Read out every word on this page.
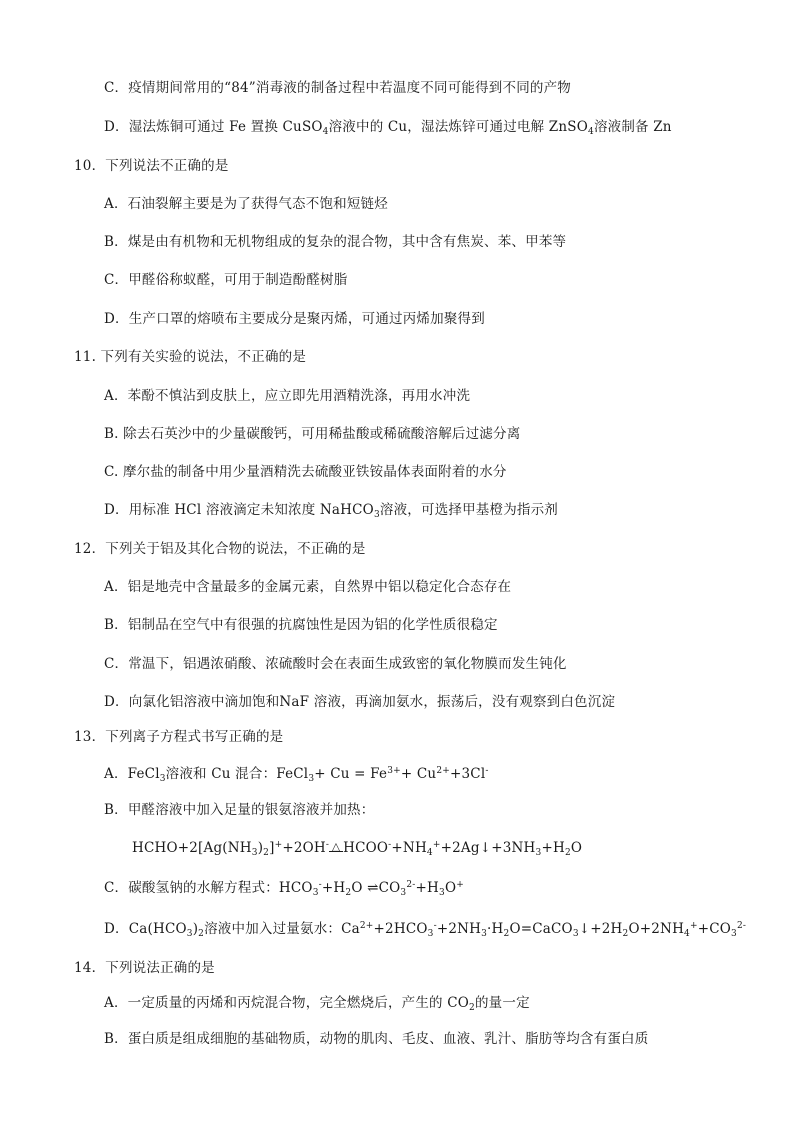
C．疫情期间常用的“84”消毒液的制备过程中若温度不同可能得到不同的产物
D．湿法炼铜可通过 Fe 置换 CuSO$_4$溶液中的 Cu，湿法炼锌可通过电解 ZnSO$_4$溶液制备 Zn
10．下列说法不正确的是
A．石油裂解主要是为了获得气态不饱和短链烃
B．煤是由有机物和无机物组成的复杂的混合物，其中含有焦炭、苯、甲苯等
C．甲醛俗称蚁醛，可用于制造酚醛树脂
D．生产口罩的熔喷布主要成分是聚丙烯，可通过丙烯加聚得到
11. 下列有关实验的说法，不正确的是
A．苯酚不慎沾到皮肤上，应立即先用酒精洗涤，再用水冲洗
B. 除去石英沙中的少量碳酸钙，可用稀盐酸或稀硫酸溶解后过滤分离
C. 摩尔盐的制备中用少量酒精洗去硫酸亚铁铵晶体表面附着的水分
D．用标准 HCl 溶液滴定未知浓度 NaHCO$_3$溶液，可选择甲基橙为指示剂
12．下列关于铝及其化合物的说法，不正确的是
A．铝是地壳中含量最多的金属元素，自然界中铝以稳定化合态存在
B．铝制品在空气中有很强的抗腐蚀性是因为铝的化学性质很稳定
C．常温下，铝遇浓硝酸、浓硫酸时会在表面生成致密的氧化物膜而发生钝化
D．向氯化铝溶液中滴加饱和NaF 溶液，再滴加氨水，振荡后，没有观察到白色沉淀
13．下列离子方程式书写正确的是
A．FeCl$_3$溶液和 Cu 混合：FeCl$_3$+ $Cu = Fe^{3+}+ Cu^{2+}+3Cl^-$
B．甲醛溶液中加入足量的银氨溶液并加热：
$HCHO+2[Ag(NH_3)_2]^++2OH^-$ △ $HCOO^-+NH_4^++2Ag↓+3NH_3+H_2O$
C．碳酸氢钠的水解方程式：$HCO_3^-+H_2O$ $\rightleftharpoons CO_3^{2-}+H_3O^+$
D．$Ca(HCO_3)_2$溶液中加入过量氨水：$Ca^{2+}+2HCO_3^-+2NH_3\cdot H_2O=CaCO_3↓+2H_2O+2NH_4^++CO_3^{2-}$
14．下列说法正确的是
A．一定质量的丙烯和丙烷混合物，完全燃烧后，产生的 $CO_2$的量一定
B．蛋白质是组成细胞的基础物质，动物的肌肉、毛皮、血液、乳汁、脂肪等均含有蛋白质
